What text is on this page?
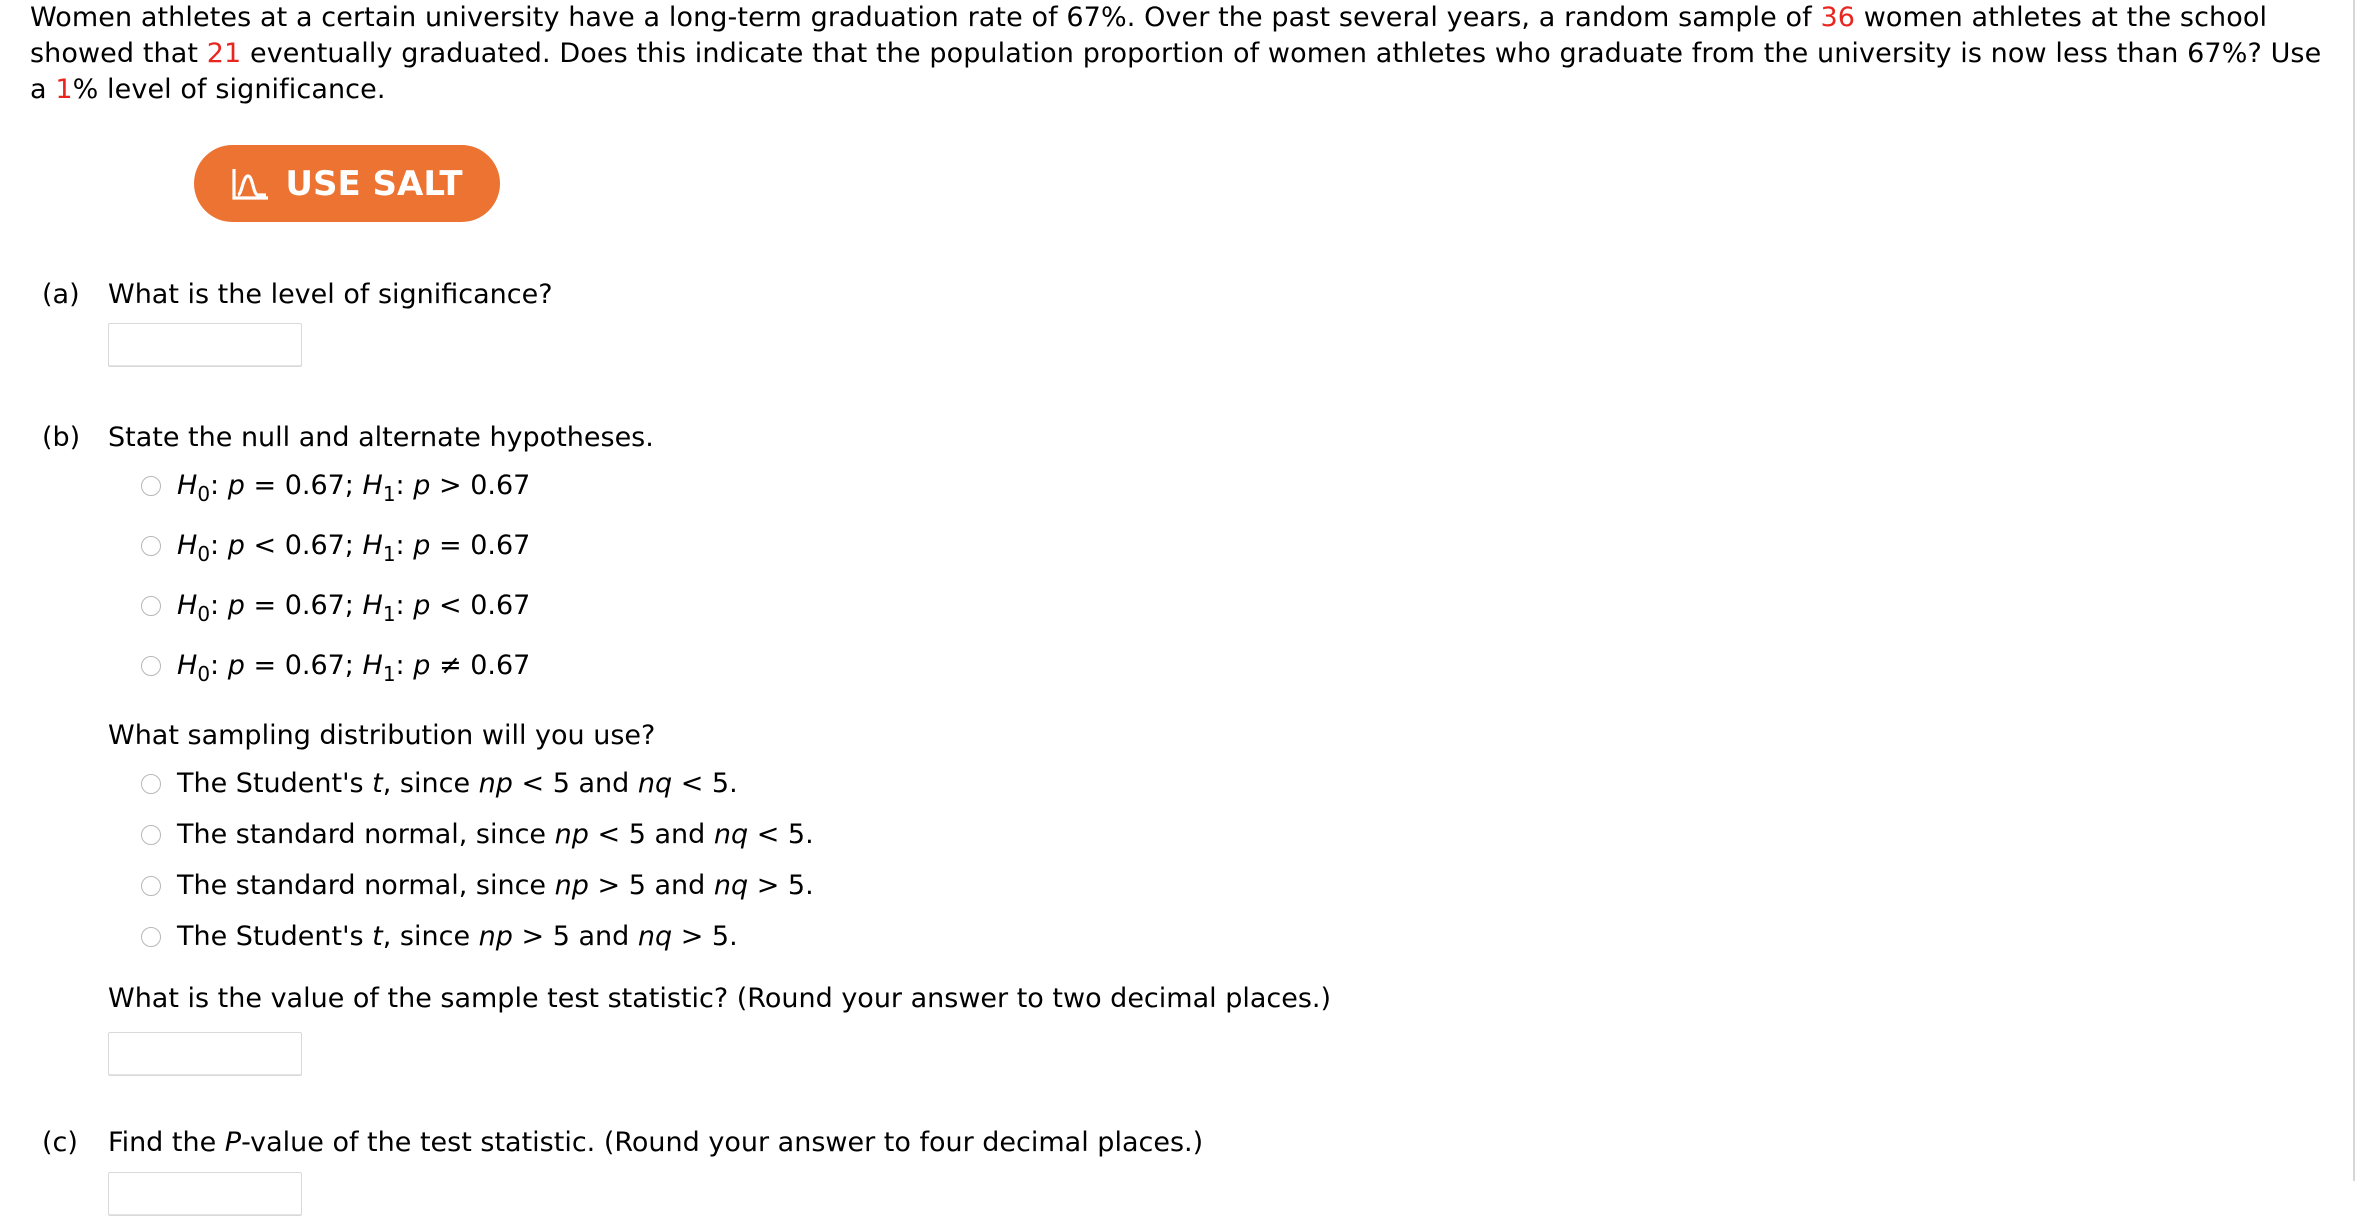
Women athletes at a certain university have a long-term graduation rate of 67%. Over the past several years, a random sample of 36 women athletes at the school showed that 21 eventually graduated. Does this indicate that the population proportion of women athletes who graduate from the university is now less than 67%? Use a 1% level of significance.
USE SALT
(a) What is the level of significance?
(b) State the null and alternate hypotheses.
$H_0$: p = 0.67; $H_1$: p > 0.67
$H_0$: p < 0.67; $H_1$: p = 0.67
$H_0$: p = 0.67; $H_1$: p < 0.67
$H_0$: p = 0.67; $H_1$: p ≠ 0.67
What sampling distribution will you use?
The Student's t, since np < 5 and nq < 5.
The standard normal, since np < 5 and nq < 5.
The standard normal, since np > 5 and nq > 5.
The Student's t, since np > 5 and nq > 5.
What is the value of the sample test statistic? (Round your answer to two decimal places.)
(c) Find the P-value of the test statistic. (Round your answer to four decimal places.)
